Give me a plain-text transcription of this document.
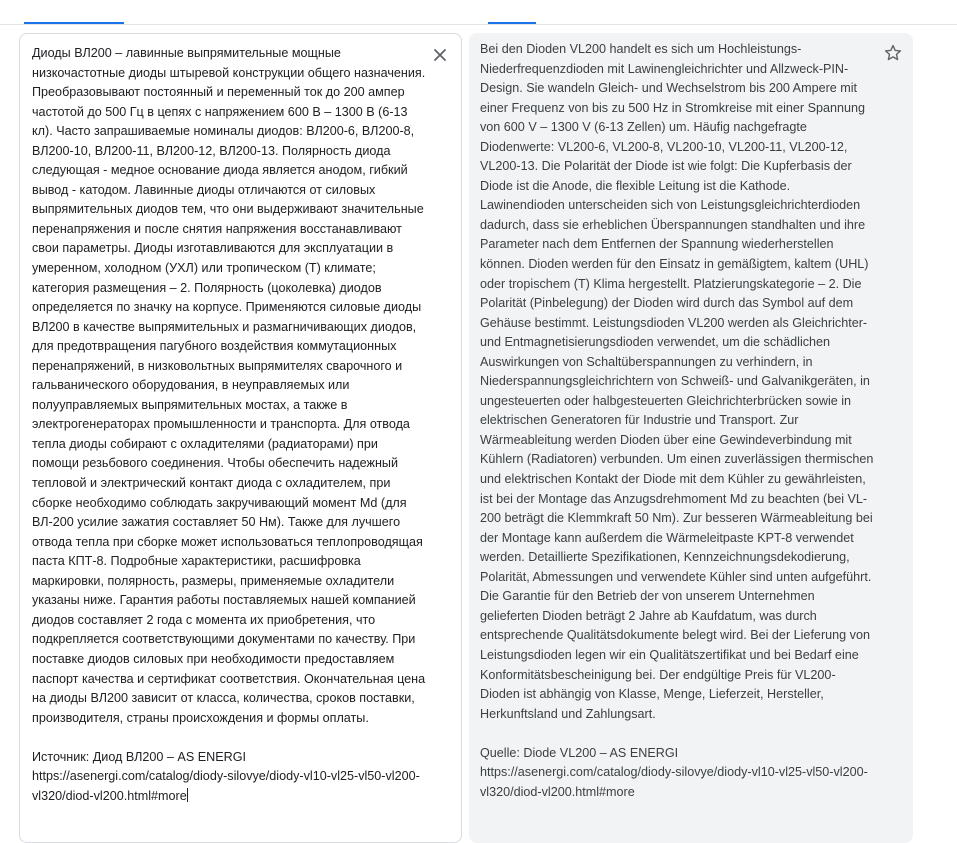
Диоды ВЛ200 – лавинные выпрямительные мощные низкочастотные диоды штыревой конструкции общего назначения. Преобразовывают постоянный и переменный ток до 200 ампер частотой до 500 Гц в цепях с напряжением 600 В – 1300 В (6-13 кл). Часто запрашиваемые номиналы диодов: ВЛ200-6, ВЛ200-8, ВЛ200-10, ВЛ200-11, ВЛ200-12, ВЛ200-13. Полярность диода следующая - медное основание диода является анодом, гибкий вывод - катодом. Лавинные диоды отличаются от силовых выпрямительных диодов тем, что они выдерживают значительные перенапряжения и после снятия напряжения восстанавливают свои параметры. Диоды изготавливаются для эксплуатации в умеренном, холодном (УХЛ) или тропическом (Т) климате; категория размещения – 2. Полярность (цоколевка) диодов определяется по значку на корпусе. Применяются силовые диоды ВЛ200 в качестве выпрямительных и размагничивающих диодов, для предотвращения пагубного воздействия коммутационных перенапряжений, в низковольтных выпрямителях сварочного и гальванического оборудования, в неуправляемых или полууправляемых выпрямительных мостах, а также в электрогенераторах промышленности и транспорта. Для отвода тепла диоды собирают с охладителями (радиаторами) при помощи резьбового соединения. Чтобы обеспечить надежный тепловой и электрический контакт диода с охладителем, при сборке необходимо соблюдать закручивающий момент Md (для ВЛ-200 усилие зажатия составляет 50 Нм). Также для лучшего отвода тепла при сборке может использоваться теплопроводящая паста КПТ-8. Подробные характеристики, расшифровка маркировки, полярность, размеры, применяемые охладители указаны ниже. Гарантия работы поставляемых нашей компанией диодов составляет 2 года с момента их приобретения, что подкрепляется соответствующими документами по качеству. При поставке диодов силовых при необходимости предоставляем паспорт качества и сертификат соответствия. Окончательная цена на диоды ВЛ200 зависит от класса, количества, сроков поставки, производителя, страны происхождения и формы оплаты.

Источник: Диод ВЛ200 – AS ENERGI
https://asenergi.com/catalog/diody-silovye/diody-vl10-vl25-vl50-vl200-vl320/diod-vl200.html#more

Bei den Dioden VL200 handelt es sich um Hochleistungs-Niederfrequenzdioden mit Lawinengleichrichter und Allzweck-PIN-Design. Sie wandeln Gleich- und Wechselstrom bis 200 Ampere mit einer Frequenz von bis zu 500 Hz in Stromkreise mit einer Spannung von 600 V – 1300 V (6-13 Zellen) um. Häufig nachgefragte Diodenwerte: VL200-6, VL200-8, VL200-10, VL200-11, VL200-12, VL200-13. Die Polarität der Diode ist wie folgt: Die Kupferbasis der Diode ist die Anode, die flexible Leitung ist die Kathode. Lawinendioden unterscheiden sich von Leistungsgleichrichterdioden dadurch, dass sie erheblichen Überspannungen standhalten und ihre Parameter nach dem Entfernen der Spannung wiederherstellen können. Dioden werden für den Einsatz in gemäßigtem, kaltem (UHL) oder tropischem (T) Klima hergestellt. Platzierungskategorie – 2. Die Polarität (Pinbelegung) der Dioden wird durch das Symbol auf dem Gehäuse bestimmt. Leistungsdioden VL200 werden als Gleichrichter- und Entmagnetisierungsdioden verwendet, um die schädlichen Auswirkungen von Schaltüberspannungen zu verhindern, in Niederspannungsgleichrichtern von Schweiß- und Galvanikgeräten, in ungesteuerten oder halbgesteuerten Gleichrichterbrücken sowie in elektrischen Generatoren für Industrie und Transport. Zur Wärmeableitung werden Dioden über eine Gewindeverbindung mit Kühlern (Radiatoren) verbunden. Um einen zuverlässigen thermischen und elektrischen Kontakt der Diode mit dem Kühler zu gewährleisten, ist bei der Montage das Anzugsdrehmoment Md zu beachten (bei VL-200 beträgt die Klemmkraft 50 Nm). Zur besseren Wärmeableitung bei der Montage kann außerdem die Wärmeleitpaste KPT-8 verwendet werden. Detaillierte Spezifikationen, Kennzeichnungsdekodierung, Polarität, Abmessungen und verwendete Kühler sind unten aufgeführt. Die Garantie für den Betrieb der von unserem Unternehmen gelieferten Dioden beträgt 2 Jahre ab Kaufdatum, was durch entsprechende Qualitätsdokumente belegt wird. Bei der Lieferung von Leistungsdioden legen wir ein Qualitätszertifikat und bei Bedarf eine Konformitätsbescheinigung bei. Der endgültige Preis für VL200-Dioden ist abhängig von Klasse, Menge, Lieferzeit, Hersteller, Herkunftsland und Zahlungsart.

Quelle: Diode VL200 – AS ENERGI
https://asenergi.com/catalog/diody-silovye/diody-vl10-vl25-vl50-vl200-vl320/diod-vl200.html#more
